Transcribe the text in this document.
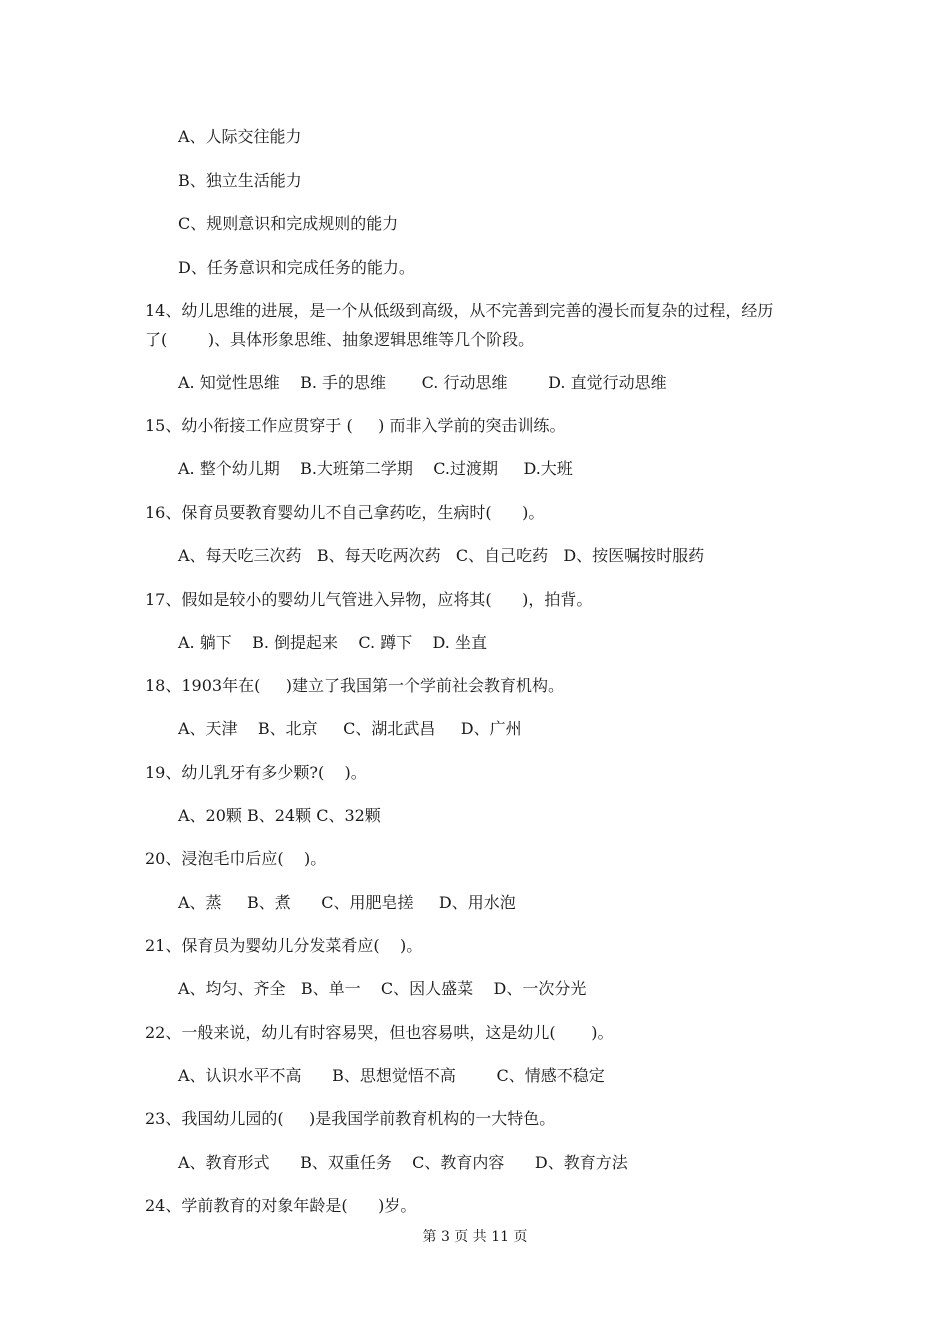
A、人际交往能力
B、独立生活能力
C、规则意识和完成规则的能力
D、任务意识和完成任务的能力。
14、幼儿思维的进展，是一个从低级到高级，从不完善到完善的漫长而复杂的过程，经历
了(        )、具体形象思维、抽象逻辑思维等几个阶段。
A. 知觉性思维    B. 手的思维       C. 行动思维        D. 直觉行动思维
15、幼小衔接工作应贯穿于 (     ) 而非入学前的突击训练。
A. 整个幼儿期    B.大班第二学期    C.过渡期     D.大班
16、保育员要教育婴幼儿不自己拿药吃，生病时(      )。
A、每天吃三次药   B、每天吃两次药   C、自己吃药   D、按医嘱按时服药
17、假如是较小的婴幼儿气管进入异物，应将其(      )，拍背。
A. 躺下    B. 倒提起来    C. 蹲下    D. 坐直
18、1903年在(     )建立了我国第一个学前社会教育机构。
A、天津    B、北京     C、湖北武昌     D、广州
19、幼儿乳牙有多少颗?(    )。
A、20颗 B、24颗 C、32颗
20、浸泡毛巾后应(    )。
A、蒸     B、煮      C、用肥皂搓     D、用水泡
21、保育员为婴幼儿分发菜肴应(    )。
A、均匀、齐全   B、单一    C、因人盛菜    D、一次分光
22、一般来说，幼儿有时容易哭，但也容易哄，这是幼儿(       )。
A、认识水平不高      B、思想觉悟不高        C、情感不稳定
23、我国幼儿园的(     )是我国学前教育机构的一大特色。
A、教育形式      B、双重任务    C、教育内容      D、教育方法
24、学前教育的对象年龄是(      )岁。
第 3 页 共 11 页
